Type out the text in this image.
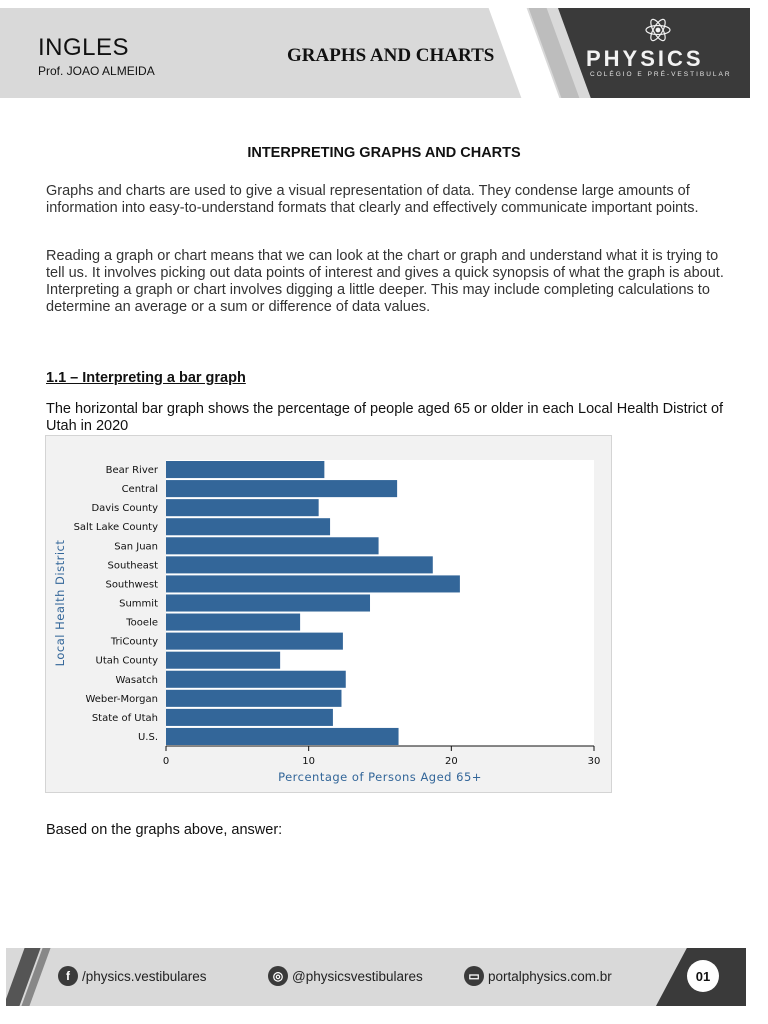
INGLES
Prof. JOAO ALMEIDA
GRAPHS AND CHARTS	PHYSICS
COLÉGIO E PRÉ-VESTIBULAR
INTERPRETING GRAPHS AND CHARTS
Graphs and charts are used to give a visual representation of data. They condense large amounts of information into easy-to-understand formats that clearly and effectively communicate important points.
Reading a graph or chart means that we can look at the chart or graph and understand what it is trying to tell us. It involves picking out data points of interest and gives a quick synopsis of what the graph is about. Interpreting a graph or chart involves digging a little deeper. This may include completing calculations to determine an average or a sum or difference of data values.
1.1 – Interpreting a bar graph
The horizontal bar graph shows the percentage of people aged 65 or older in each Local Health District of Utah in 2020
Bear River
Central
Davis County
Salt Lake County
San Juan
Southeast
Southwest
Summit
Tooele
TriCounty
Utah County
Wasatch
Weber-Morgan
State of Utah
U.S.
0	10	20	30
Percentage of Persons Aged 65+
Local Health District
Based on the graphs above, answer:
f /physics.vestibulares	◎ @physicsvestibulares	▭ portalphysics.com.br	01
